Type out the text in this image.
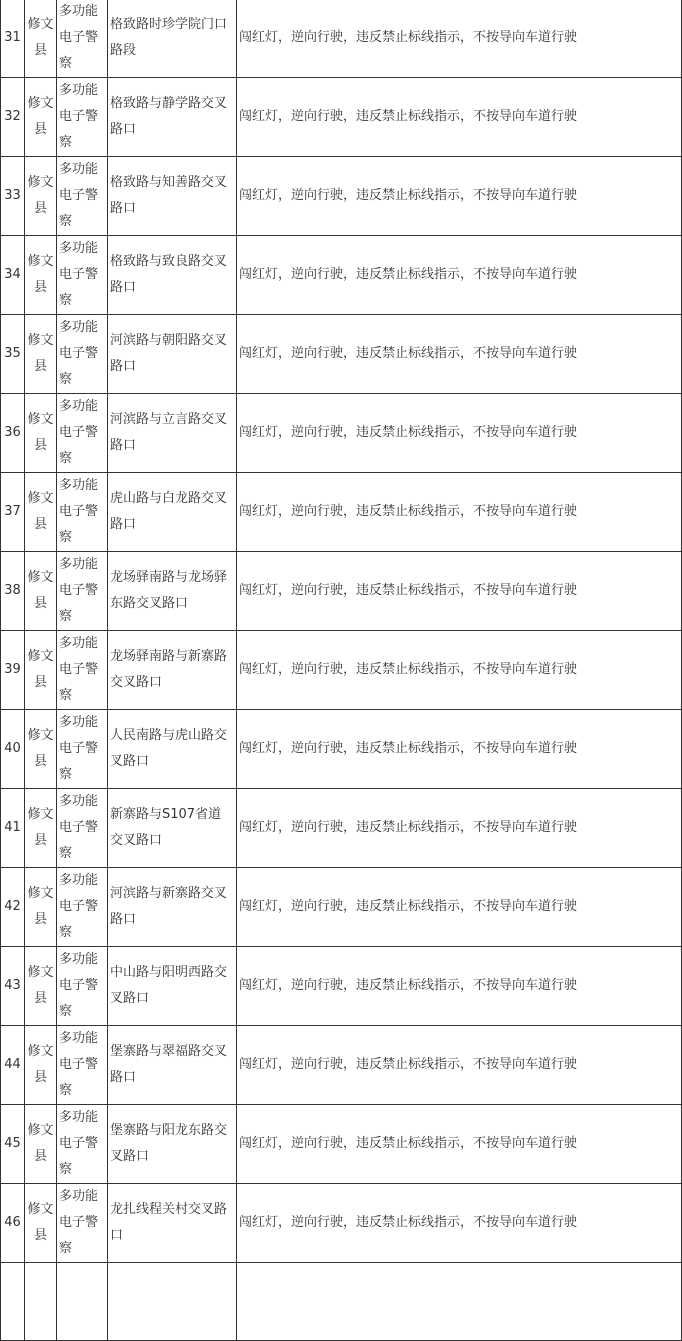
31	修文县	多功能电子警察	格致路时珍学院门口路段	闯红灯，逆向行驶，违反禁止标线指示，不按导向车道行驶
32	修文县	多功能电子警察	格致路与静学路交叉路口	闯红灯，逆向行驶，违反禁止标线指示，不按导向车道行驶
33	修文县	多功能电子警察	格致路与知善路交叉路口	闯红灯，逆向行驶，违反禁止标线指示，不按导向车道行驶
34	修文县	多功能电子警察	格致路与致良路交叉路口	闯红灯，逆向行驶，违反禁止标线指示，不按导向车道行驶
35	修文县	多功能电子警察	河滨路与朝阳路交叉路口	闯红灯，逆向行驶，违反禁止标线指示，不按导向车道行驶
36	修文县	多功能电子警察	河滨路与立言路交叉路口	闯红灯，逆向行驶，违反禁止标线指示，不按导向车道行驶
37	修文县	多功能电子警察	虎山路与白龙路交叉路口	闯红灯，逆向行驶，违反禁止标线指示，不按导向车道行驶
38	修文县	多功能电子警察	龙场驿南路与龙场驿东路交叉路口	闯红灯，逆向行驶，违反禁止标线指示，不按导向车道行驶
39	修文县	多功能电子警察	龙场驿南路与新寨路交叉路口	闯红灯，逆向行驶，违反禁止标线指示，不按导向车道行驶
40	修文县	多功能电子警察	人民南路与虎山路交叉路口	闯红灯，逆向行驶，违反禁止标线指示，不按导向车道行驶
41	修文县	多功能电子警察	新寨路与S107省道交叉路口	闯红灯，逆向行驶，违反禁止标线指示，不按导向车道行驶
42	修文县	多功能电子警察	河滨路与新寨路交叉路口	闯红灯，逆向行驶，违反禁止标线指示，不按导向车道行驶
43	修文县	多功能电子警察	中山路与阳明西路交叉路口	闯红灯，逆向行驶，违反禁止标线指示，不按导向车道行驶
44	修文县	多功能电子警察	堡寨路与翠福路交叉路口	闯红灯，逆向行驶，违反禁止标线指示，不按导向车道行驶
45	修文县	多功能电子警察	堡寨路与阳龙东路交叉路口	闯红灯，逆向行驶，违反禁止标线指示，不按导向车道行驶
46	修文县	多功能电子警察	龙扎线程关村交叉路口	闯红灯，逆向行驶，违反禁止标线指示，不按导向车道行驶
